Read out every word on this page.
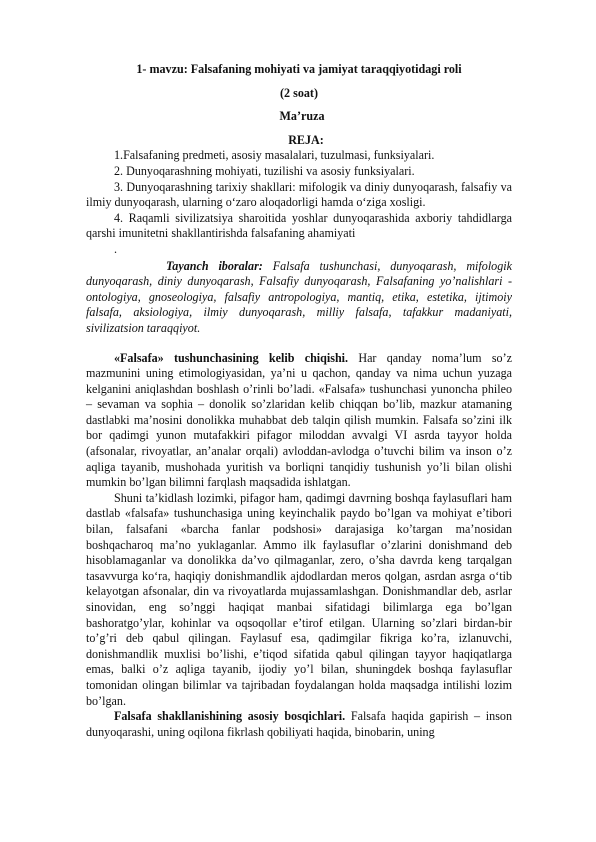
1- mavzu: Falsafaning mohiyati va jamiyat taraqqiyotidagi roli
(2 soat)
Ma’ruza
REJA:

1.Falsafaning predmeti, asosiy masalalari, tuzulmasi, funksiyalari.

2. Dunyoqarashning mohiyati, tuzilishi va asosiy funksiyalari.

3. Dunyoqarashning tarixiy shakllari: mifologik va diniy dunyoqarash, falsafiy va ilmiy dunyoqarash, ularning o‘zaro aloqadorligi hamda o‘ziga xosligi.

4. Raqamli sivilizatsiya sharoitida yoshlar dunyoqarashida axboriy tahdidlarga qarshi imunitetni shakllantirishda falsafaning ahamiyati

.

Tayanch iboralar: Falsafa tushunchasi, dunyoqarash, mifologik dunyoqarash, diniy dunyoqarash, Falsafiy dunyoqarash, Falsafaning yo’nalishlari - ontologiya, gnoseologiya, falsafiy antropologiya, mantiq, etika, estetika, ijtimoiy falsafa, aksiologiya, ilmiy dunyoqarash, milliy falsafa, tafakkur madaniyati, sivilizatsion taraqqiyot.

«Falsafa» tushunchasining kelib chiqishi. Har qanday noma’lum so’z mazmunini uning etimologiyasidan, ya’ni u qachon, qanday va nima uchun yuzaga kelganini aniqlashdan boshlash o’rinli bo’ladi. «Falsafa» tushunchasi yunoncha phileo – sevaman va sophia – donolik so’zlaridan kelib chiqqan bo’lib, mazkur atamaning dastlabki ma’nosini donolikka muhabbat deb talqin qilish mumkin. Falsafa so’zini ilk bor qadimgi yunon mutafakkiri pifagor miloddan avvalgi VI asrda tayyor holda (afsonalar, rivoyatlar, an’analar orqali) avloddan-avlodga o’tuvchi bilim va inson o’z aqliga tayanib, mushohada yuritish va borliqni tanqidiy tushunish yo’li bilan olishi mumkin bo’lgan bilimni farqlash maqsadida ishlatgan.

Shuni ta’kidlash lozimki, pifagor ham, qadimgi davrning boshqa faylasuflari ham dastlab «falsafa» tushunchasiga uning keyinchalik paydo bo’lgan va mohiyat e’tibori bilan, falsafani «barcha fanlar podshosi» darajasiga ko’targan ma’nosidan boshqacharoq ma’no yuklaganlar. Ammo ilk faylasuflar o’zlarini donishmand deb hisoblamaganlar va donolikka da’vo qilmaganlar, zero, o’sha davrda keng tarqalgan tasavvurga ko‘ra, haqiqiy donishmandlik ajdodlardan meros qolgan, asrdan asrga o‘tib kelayotgan afsonalar, din va rivoyatlarda mujassamlashgan. Donishmandlar deb, asrlar sinovidan, eng so’nggi haqiqat manbai sifatidagi bilimlarga ega bo’lgan bashoratgo’ylar, kohinlar va oqsoqollar e’tirof etilgan. Ularning so’zlari birdan-bir to’g’ri deb qabul qilingan. Faylasuf esa, qadimgilar fikriga ko’ra, izlanuvchi, donishmandlik muxlisi bo’lishi, e’tiqod sifatida qabul qilingan tayyor haqiqatlarga emas, balki o’z aqliga tayanib, ijodiy yo’l bilan, shuningdek boshqa faylasuflar tomonidan olingan bilimlar va tajribadan foydalangan holda maqsadga intilishi lozim bo’lgan.

Falsafa shakllanishining asosiy bosqichlari. Falsafa haqida gapirish – inson dunyoqarashi, uning oqilona fikrlash qobiliyati haqida, binobarin, uning
